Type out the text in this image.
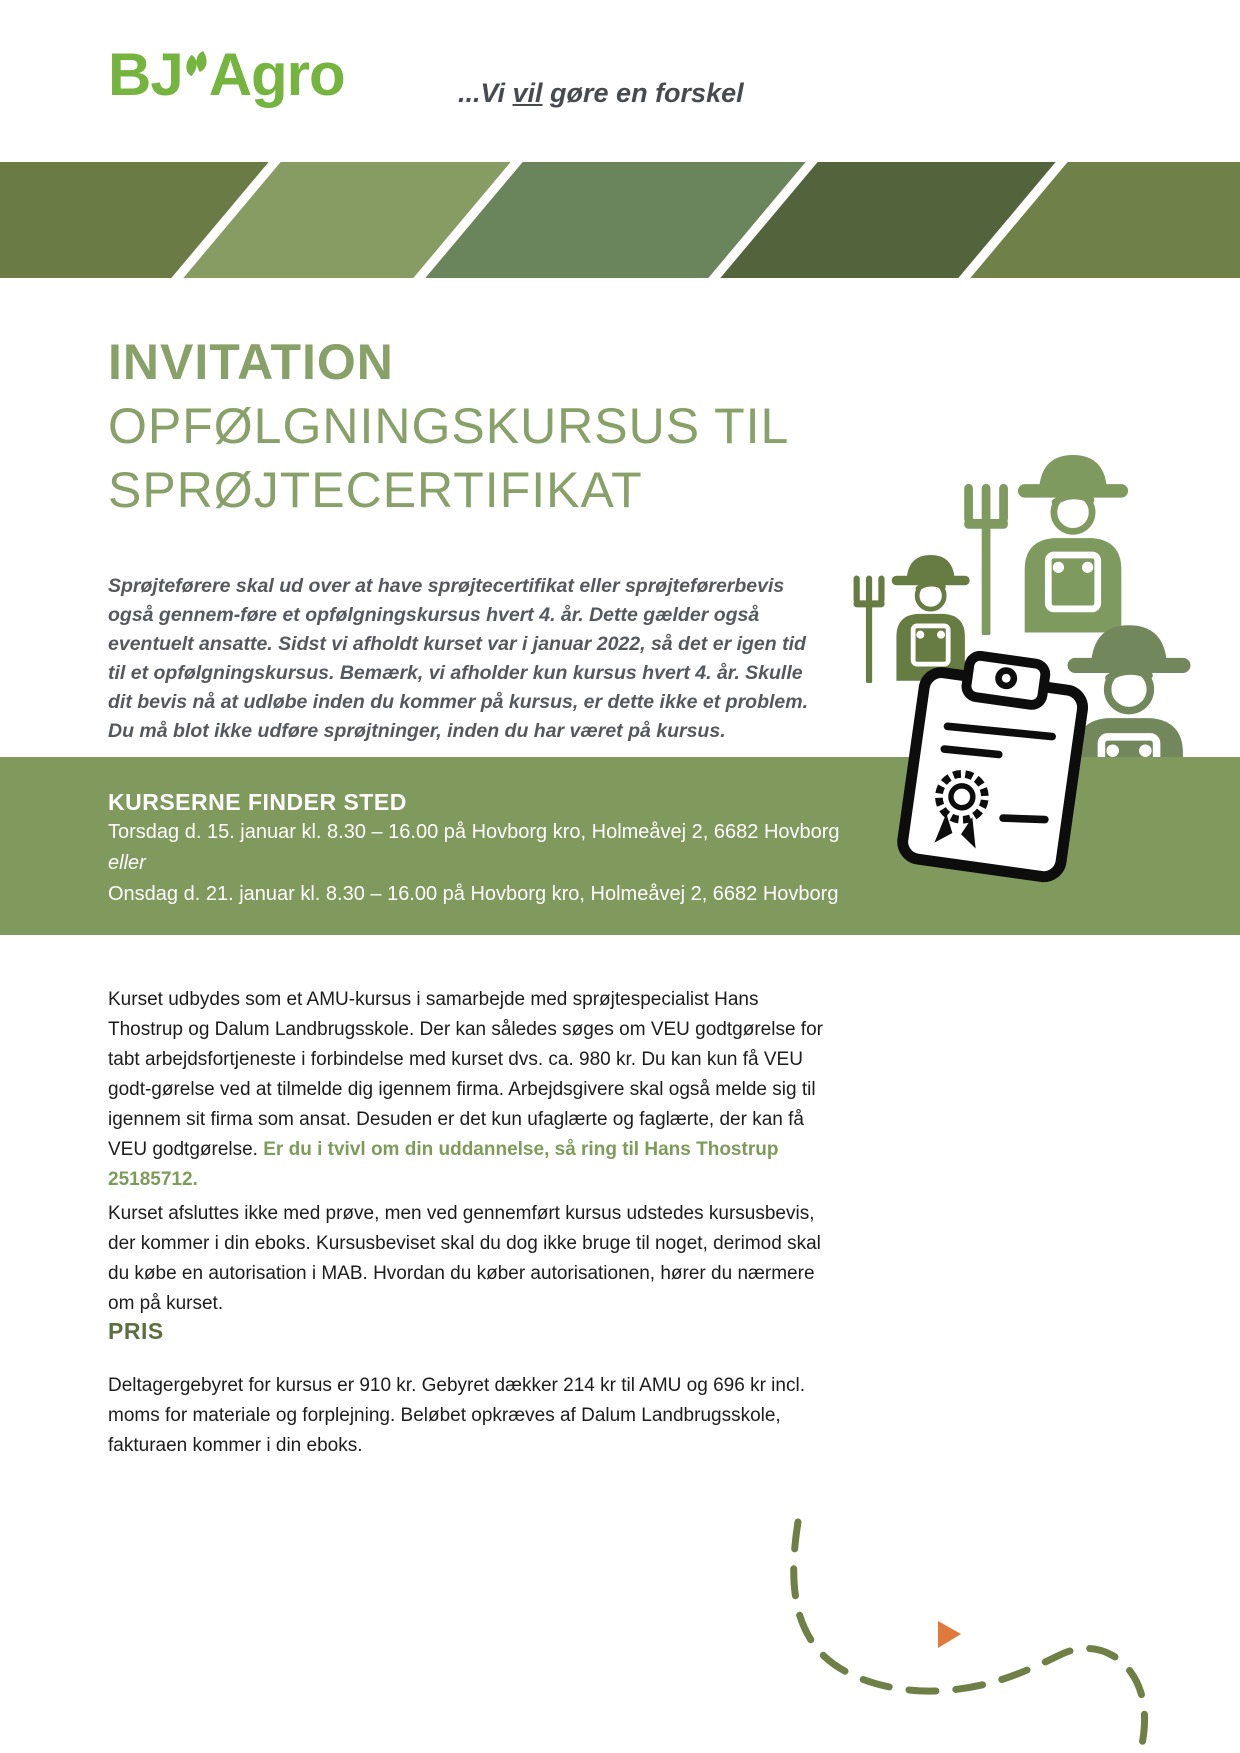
BJ Agro	...Vi vil gøre en forskel
INVITATION
OPFØLGNINGSKURSUS TIL
SPRØJTECERTIFIKAT

Sprøjteførere skal ud over at have sprøjtecertifikat eller sprøjteførerbevis også gennem-føre et opfølgningskursus hvert 4. år. Dette gælder også eventuelt ansatte. Sidst vi afholdt kurset var i januar 2022, så det er igen tid til et opfølgningskursus. Bemærk, vi afholder kun kursus hvert 4. år. Skulle dit bevis nå at udløbe inden du kommer på kursus, er dette ikke et problem. Du må blot ikke udføre sprøjtninger, inden du har været på kursus.

KURSERNE FINDER STED
Torsdag d. 15. januar kl. 8.30 – 16.00 på Hovborg kro, Holmeåvej 2, 6682 Hovborg
eller
Onsdag d. 21. januar kl. 8.30 – 16.00 på Hovborg kro, Holmeåvej 2, 6682 Hovborg

Kurset udbydes som et AMU-kursus i samarbejde med sprøjtespecialist Hans Thostrup og Dalum Landbrugsskole. Der kan således søges om VEU godtgørelse for tabt arbejdsfortjeneste i forbindelse med kurset dvs. ca. 980 kr. Du kan kun få VEU godt-gørelse ved at tilmelde dig igennem firma. Arbejdsgivere skal også melde sig til igennem sit firma som ansat. Desuden er det kun ufaglærte og faglærte, der kan få VEU godtgørelse. Er du i tvivl om din uddannelse, så ring til Hans Thostrup 25185712.

Kurset afsluttes ikke med prøve, men ved gennemført kursus udstedes kursusbevis, der kommer i din eboks. Kursusbeviset skal du dog ikke bruge til noget, derimod skal du købe en autorisation i MAB. Hvordan du køber autorisationen, hører du nærmere om på kurset.

PRIS

Deltagergebyret for kursus er 910 kr. Gebyret dækker 214 kr til AMU og 696 kr incl. moms for materiale og forplejning. Beløbet opkræves af Dalum Landbrugsskole, fakturaen kommer i din eboks.
